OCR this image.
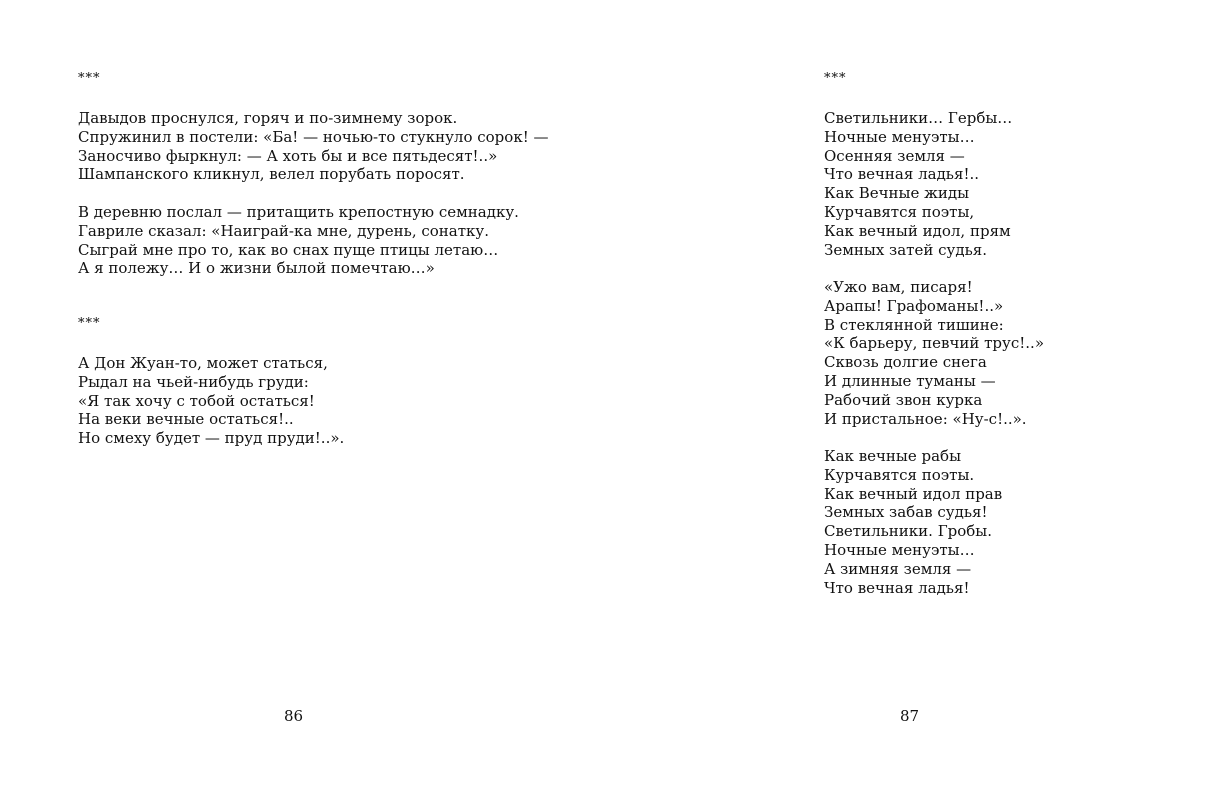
***
Давыдов проснулся, горяч и по-зимнему зорок.
Спружинил в постели: «Ба! — ночью-то стукнуло сорок! —
Заносчиво фыркнул: — А хоть бы и все пятьдесят!..»
Шампанского кликнул, велел порубать поросят.
В деревню послал — притащить крепостную семнадку.
Гавриле сказал: «Наиграй-ка мне, дурень, сонатку.
Сыграй мне про то, как во снах пуще птицы летаю…
А я полежу… И о жизни былой помечтаю…»
***
А Дон Жуан-то, может статься,
Рыдал на чьей-нибудь груди:
«Я так хочу с тобой остаться!
На веки вечные остаться!..
Но смеху будет — пруд пруди!..».
86
***
Светильники… Гербы…
Ночные менуэты…
Осенняя земля —
Что вечная ладья!..
Как Вечные жиды
Курчавятся поэты,
Как вечный идол, прям
Земных затей судья.
«Ужо вам, писаря!
Арапы! Графоманы!..»
В стеклянной тишине:
«К барьеру, певчий трус!..»
Сквозь долгие снега
И длинные туманы —
Рабочий звон курка
И пристальное: «Ну-с!..».
Как вечные рабы
Курчавятся поэты.
Как вечный идол прав
Земных забав судья!
Светильники. Гробы.
Ночные менуэты…
А зимняя земля —
Что вечная ладья!
87
